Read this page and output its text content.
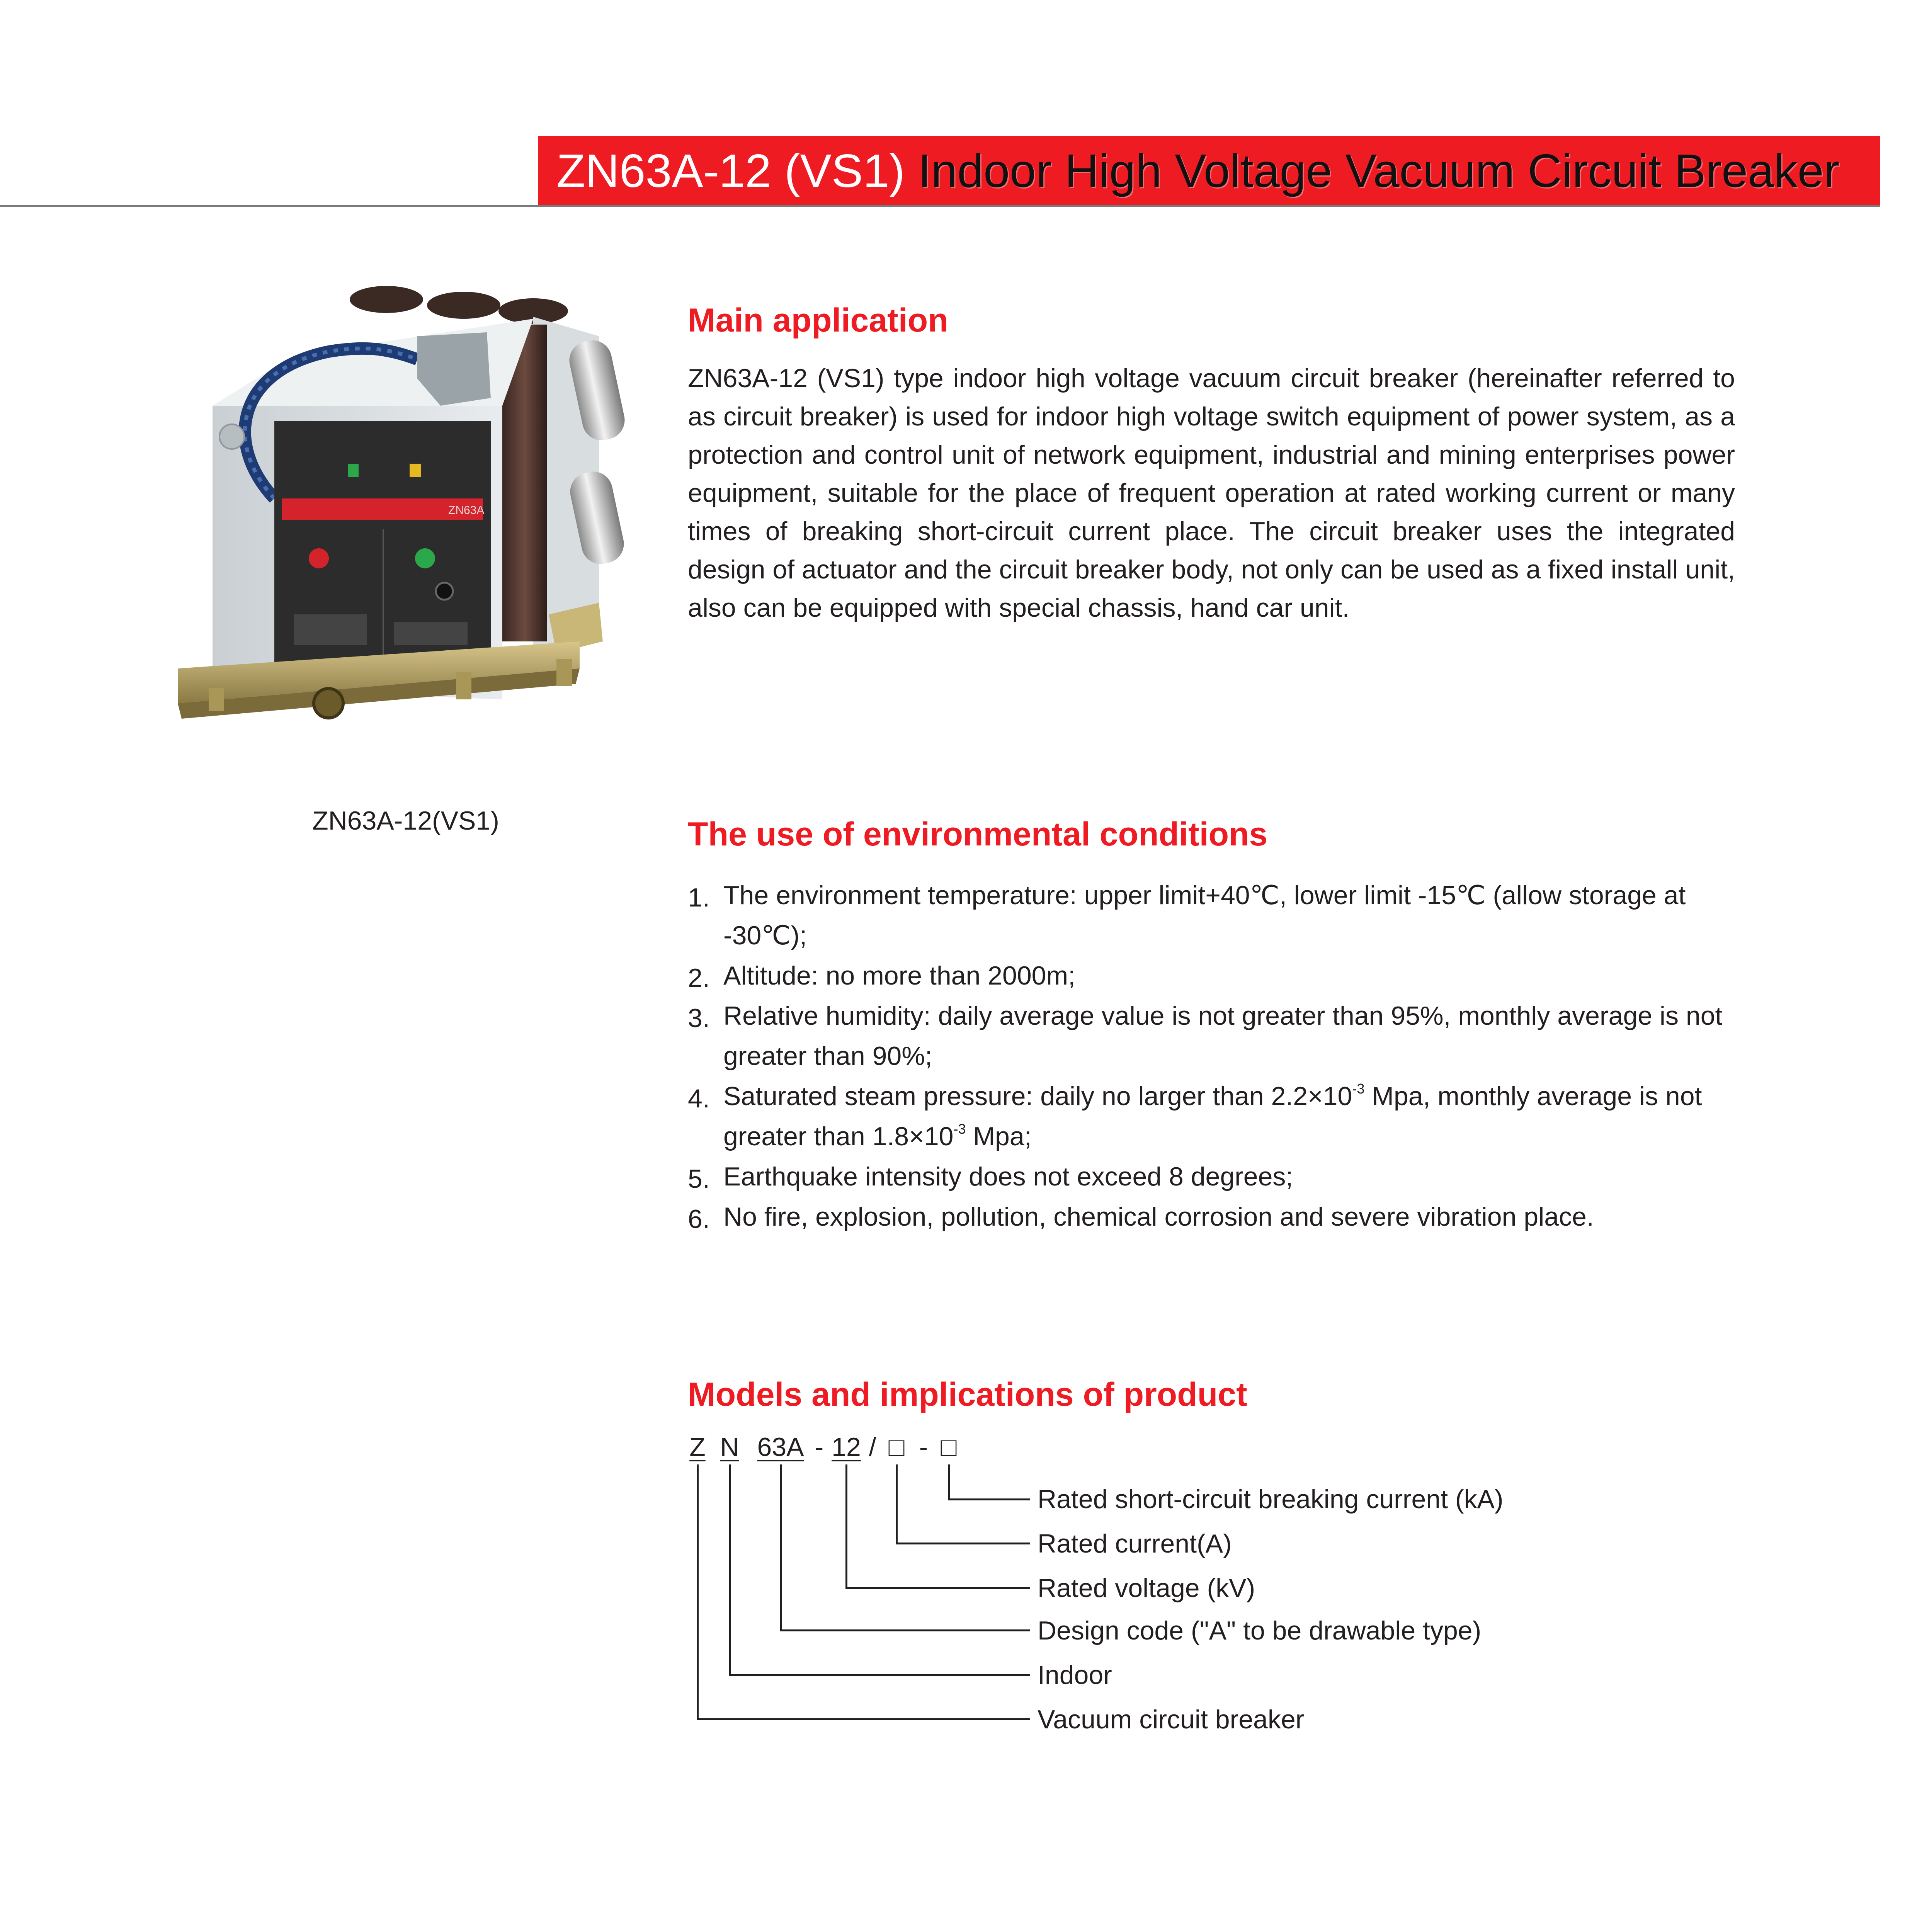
ZN63A-12 (VS1) Indoor High Voltage Vacuum Circuit Breaker
ZN63A
ZN63A-12(VS1)
Main application

ZN63A-12 (VS1) type indoor high voltage vacuum circuit breaker (hereinafter referred to as circuit breaker) is used for indoor high voltage switch equipment of power system, as a protection and control unit of network equipment, industrial and mining enterprises power equipment, suitable for the place of frequent operation at rated working current or many times of breaking short-circuit current place. The circuit breaker uses the integrated design of actuator and the circuit breaker body, not only can be used as a fixed install unit, also can be equipped with special chassis, hand car unit.

The use of environmental conditions
1. The environment temperature: upper limit+40℃, lower limit -15℃ (allow storage at -30℃);
2. Altitude: no more than 2000m;
3. Relative humidity: daily average value is not greater than 95%, monthly average is not greater than 90%;
4. Saturated steam pressure: daily no larger than $2.2\times 10^{-3}$ Mpa, monthly average is not greater than $1.8\times 10^{-3}$ Mpa;
5. Earthquake intensity does not exceed 8 degrees;
6. No fire, explosion, pollution, chemical corrosion and severe vibration place.
Models and implications of product
Z N 63A - 12 / □ - □
Rated short-circuit breaking current (kA)
Rated current(A)
Rated voltage (kV)
Design code ("A" to be drawable type)
Indoor
Vacuum circuit breaker
